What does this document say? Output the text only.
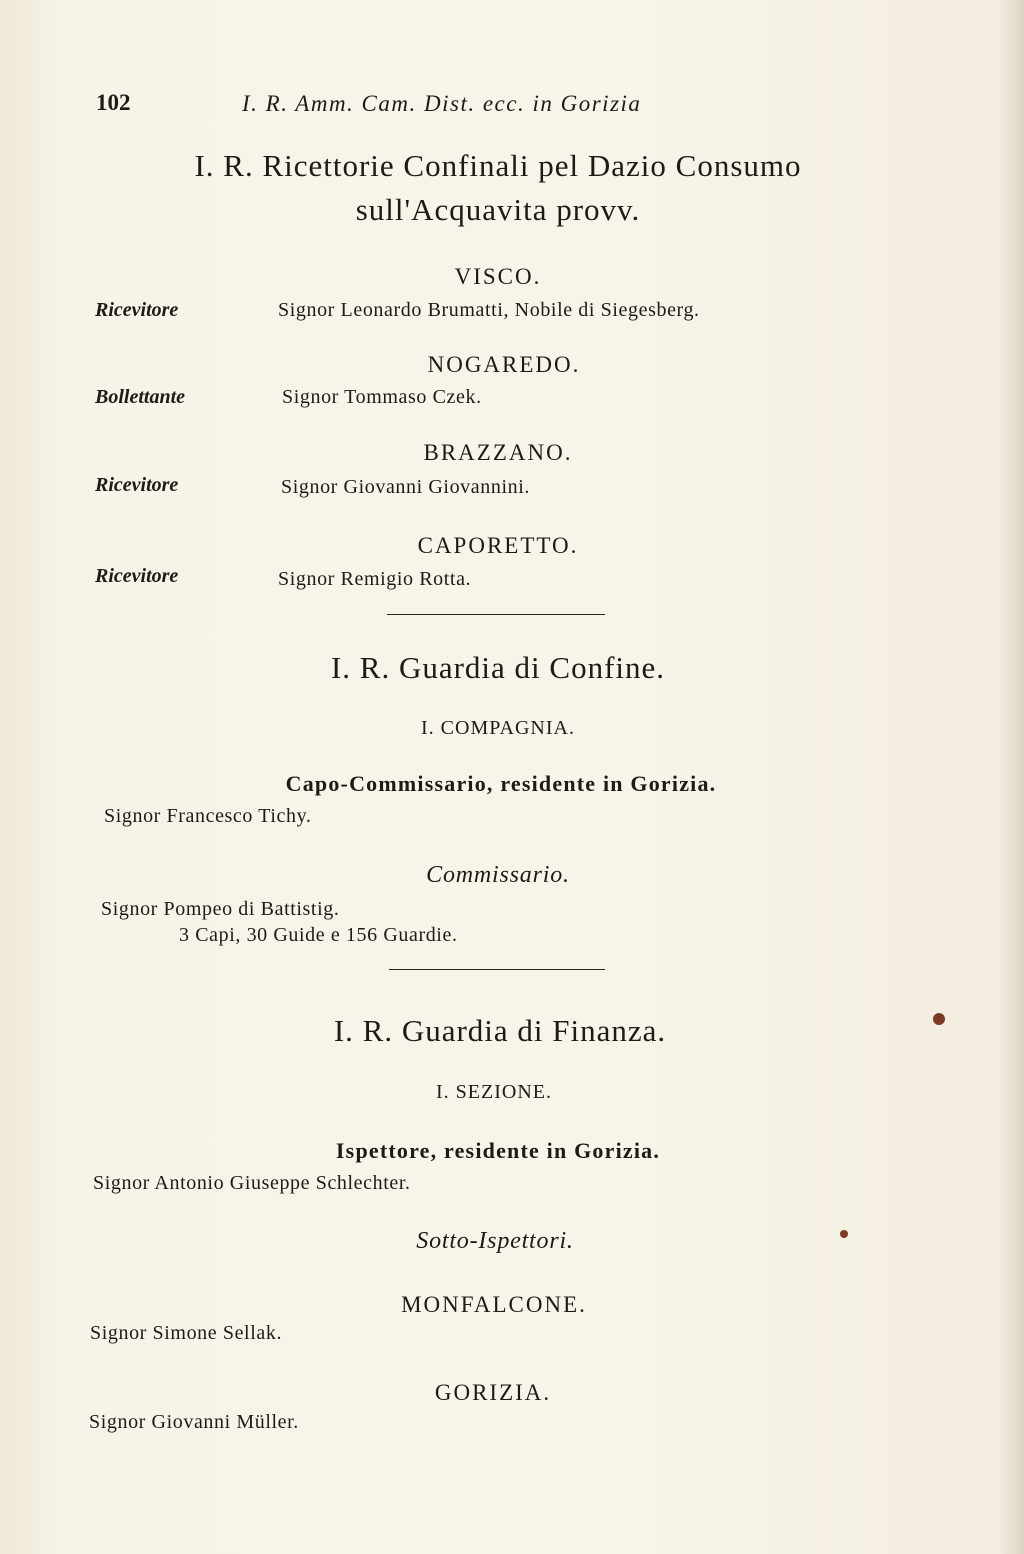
102	I. R. Amm. Cam. Dist. ecc. in Gorizia
I. R. Ricettorie Confinali pel Dazio Consumo
sull'Acquavita provv.
VISCO.
Ricevitore	Signor Leonardo Brumatti, Nobile di Siegesberg.
NOGAREDO.
Bollettante	Signor Tommaso Czek.
BRAZZANO.
Ricevitore	Signor Giovanni Giovannini.
CAPORETTO.
Ricevitore	Signor Remigio Rotta.
I. R. Guardia di Confine.
I. COMPAGNIA.
Capo-Commissario, residente in Gorizia.
Signor Francesco Tichy.
Commissario.
Signor Pompeo di Battistig.
3 Capi, 30 Guide e 156 Guardie.
I. R. Guardia di Finanza.
I. SEZIONE.
Ispettore, residente in Gorizia.
Signor Antonio Giuseppe Schlechter.
Sotto-Ispettori.
MONFALCONE.
Signor Simone Sellak.
GORIZIA.
Signor Giovanni Müller.
